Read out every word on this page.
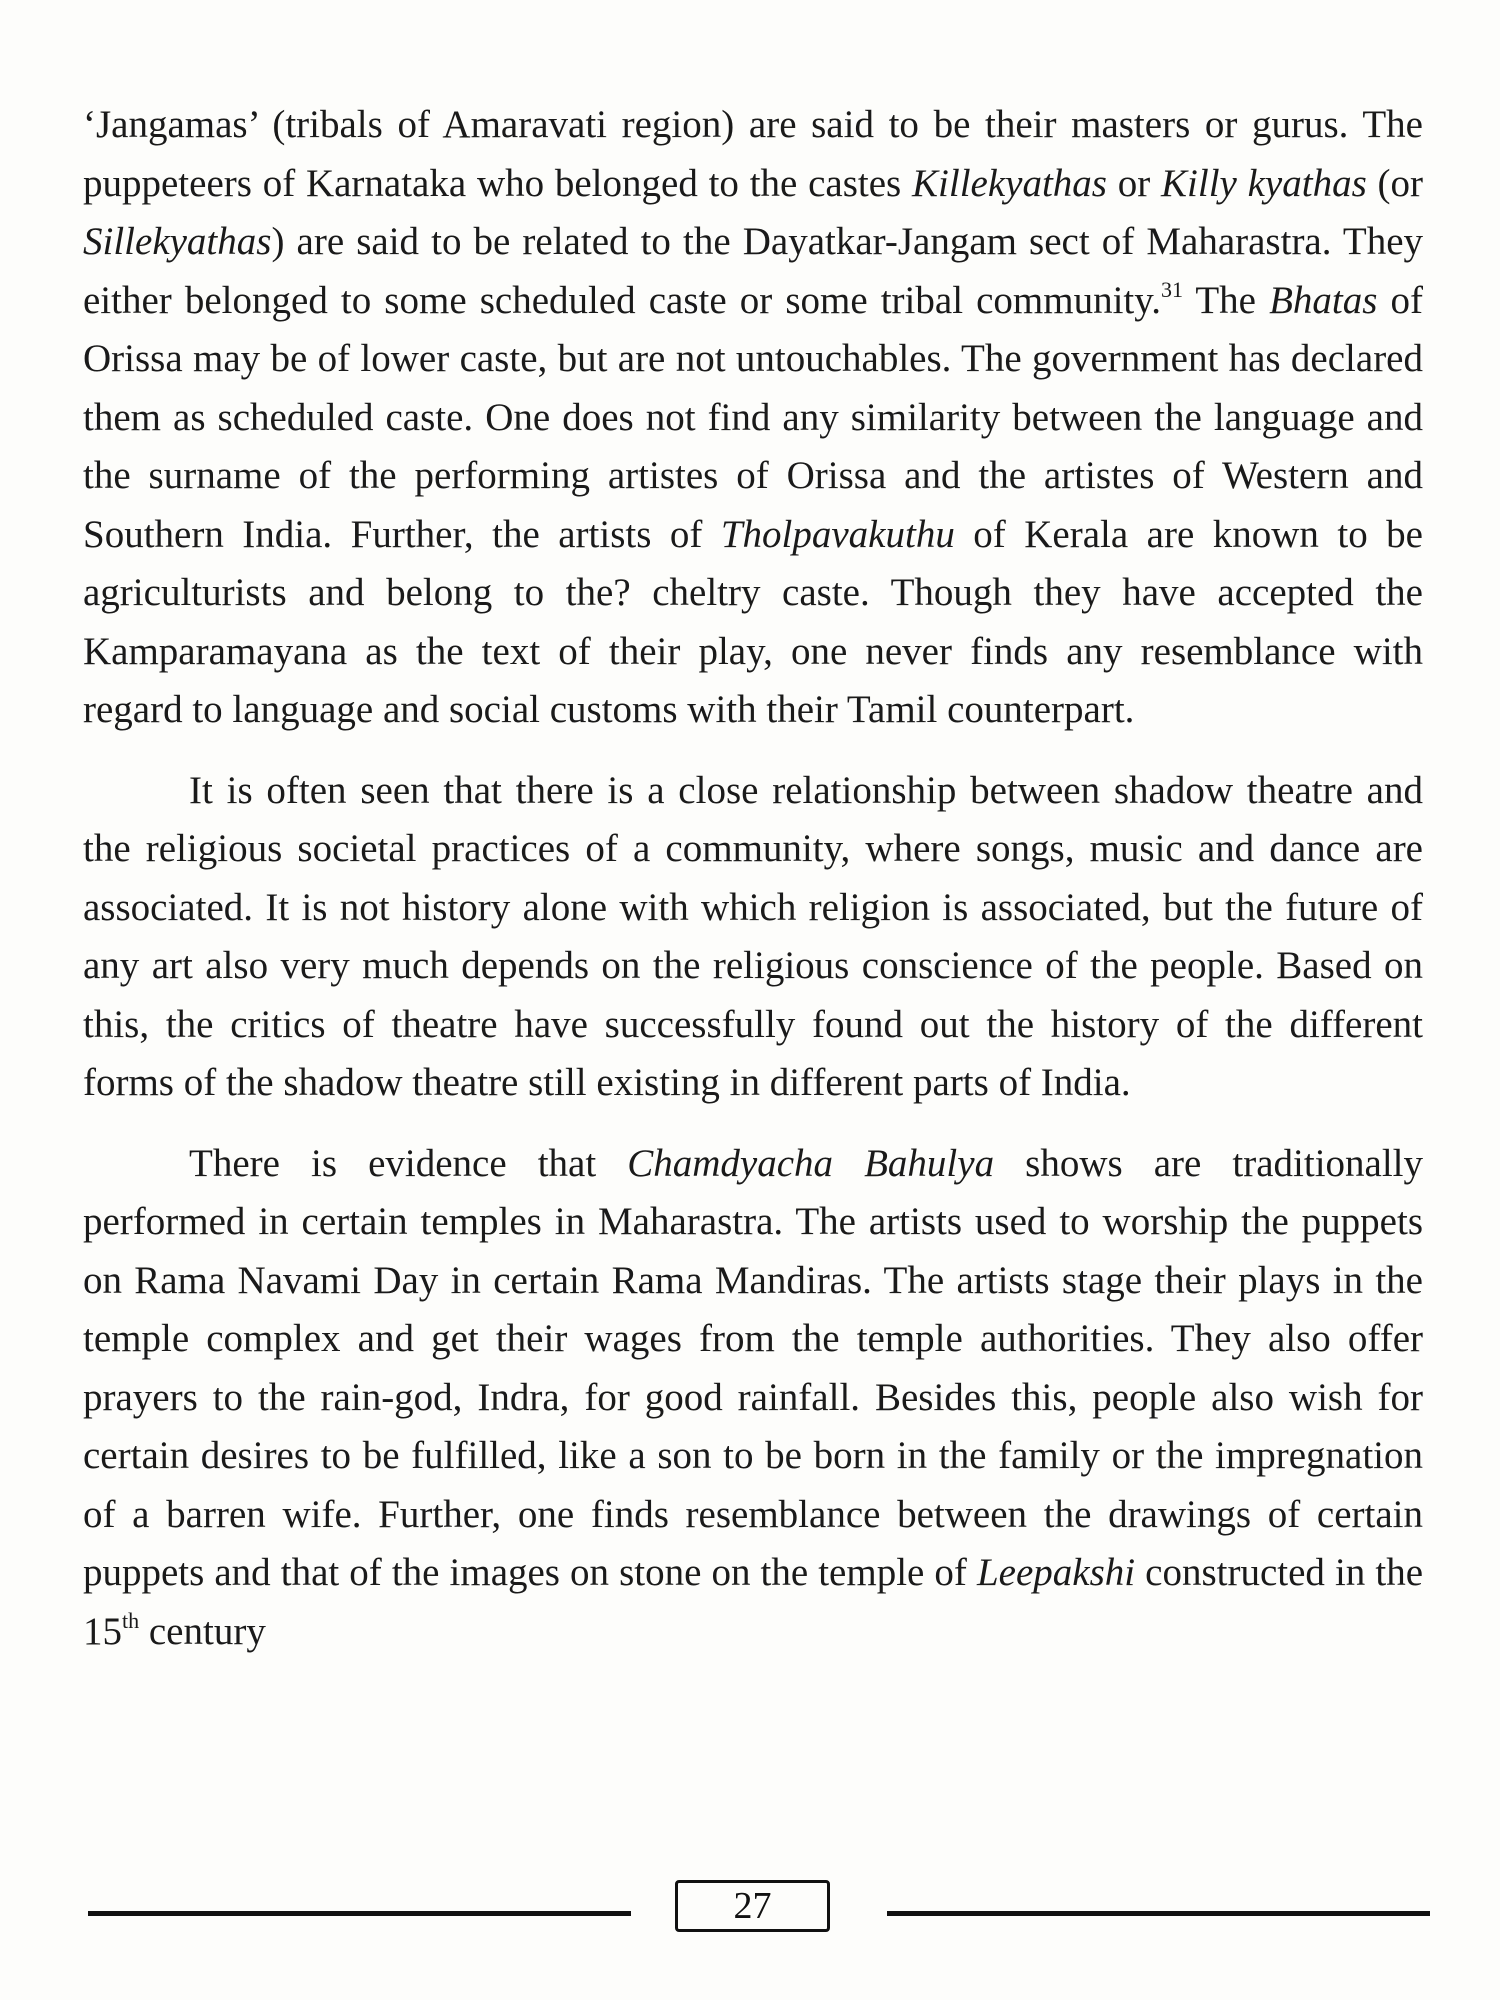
‘Jangamas’ (tribals of Amaravati region) are said to be their masters or gurus. The puppeteers of Karnataka who belonged to the castes Killekyathas or Killy kyathas (or Sillekyathas) are said to be related to the Dayatkar-Jangam sect of Maharastra. They either belonged to some scheduled caste or some tribal community.$^{31}$ The Bhatas of Orissa may be of lower caste, but are not untouchables. The government has declared them as scheduled caste. One does not find any similarity between the language and the surname of the performing artistes of Orissa and the artistes of Western and Southern India. Further, the artists of Tholpavakuthu of Kerala are known to be agriculturists and belong to the? cheltry caste. Though they have accepted the Kamparamayana as the text of their play, one never finds any resemblance with regard to language and social customs with their Tamil counterpart.

It is often seen that there is a close relationship between shadow theatre and the religious societal practices of a community, where songs, music and dance are associated. It is not history alone with which religion is associated, but the future of any art also very much depends on the religious conscience of the people. Based on this, the critics of theatre have successfully found out the history of the different forms of the shadow theatre still existing in different parts of India.

There is evidence that Chamdyacha Bahulya shows are traditionally performed in certain temples in Maharastra. The artists used to worship the puppets on Rama Navami Day in certain Rama Mandiras. The artists stage their plays in the temple complex and get their wages from the temple authorities. They also offer prayers to the rain-god, Indra, for good rainfall. Besides this, people also wish for certain desires to be fulfilled, like a son to be born in the family or the impregnation of a barren wife. Further, one finds resemblance between the drawings of certain puppets and that of the images on stone on the temple of Leepakshi constructed in the 15th century

27
